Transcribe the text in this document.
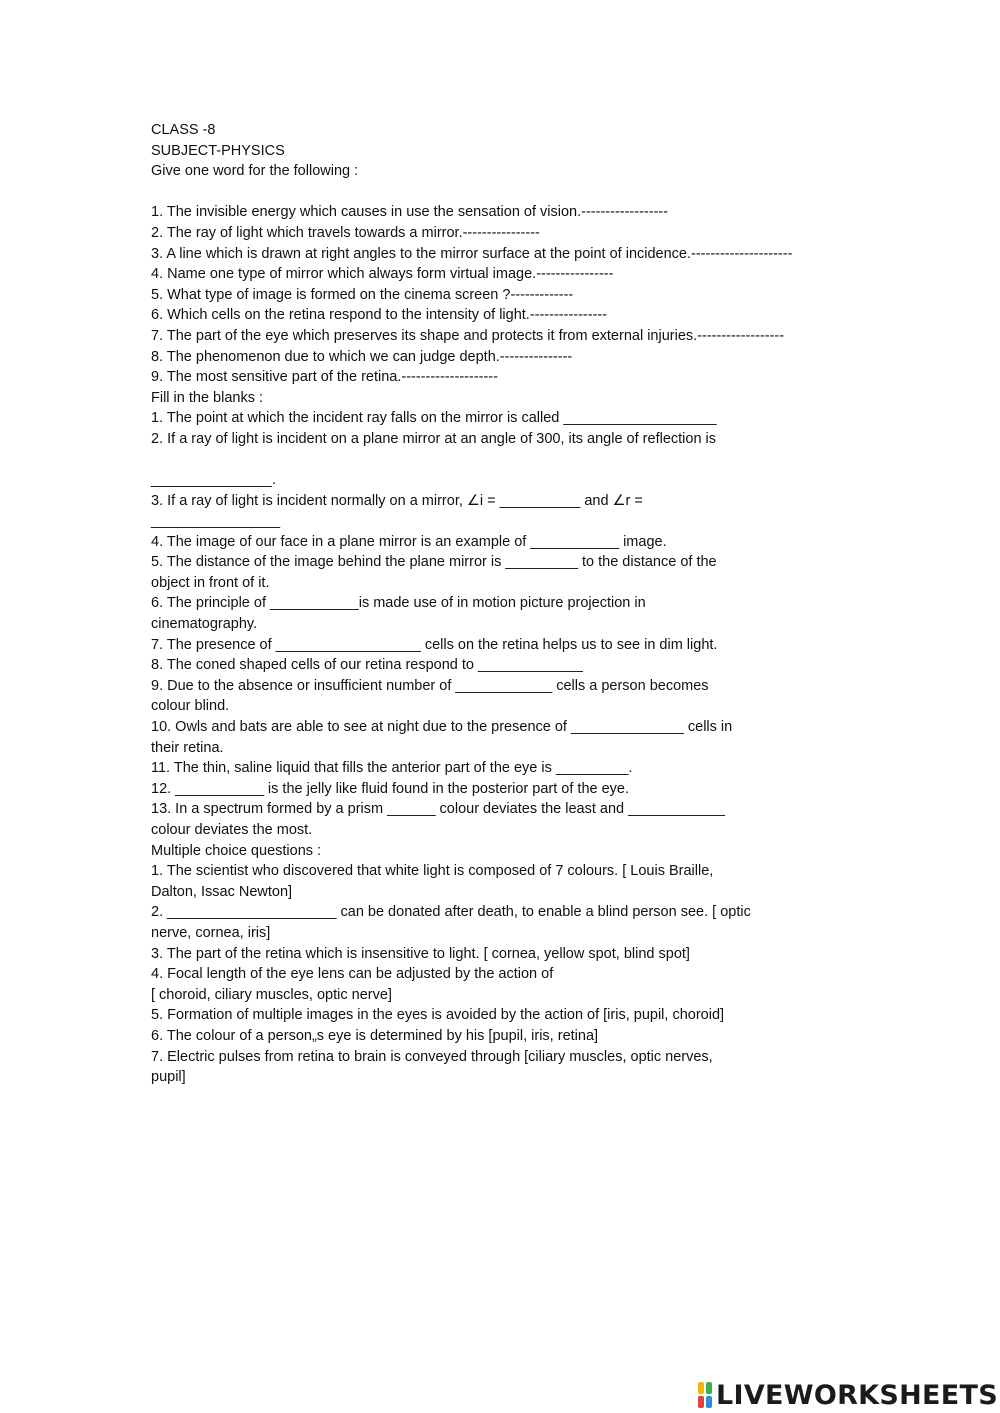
CLASS -8
SUBJECT-PHYSICS
Give one word for the following :
1. The invisible energy which causes in use the sensation of vision.------------------
2. The ray of light which travels towards a mirror.----------------
3. A line which is drawn at right angles to the mirror surface at the point of incidence.---------------------
4. Name one type of mirror which always form virtual image.----------------
5. What type of image is formed on the cinema screen ?-------------
6. Which cells on the retina respond to the intensity of light.----------------
7. The part of the eye which preserves its shape and protects it from external injuries.------------------
8. The phenomenon due to which we can judge depth.---------------
9. The most sensitive part of the retina.--------------------
Fill in the blanks :
1. The point at which the incident ray falls on the mirror is called ___________________
2. If a ray of light is incident on a plane mirror at an angle of 300, its angle of reflection is
_______________.
3. If a ray of light is incident normally on a mirror, ∠i = __________ and ∠r =
________________
4. The image of our face in a plane mirror is an example of ___________ image.
5. The distance of the image behind the plane mirror is _________ to the distance of the
object in front of it.
6. The principle of ___________is made use of in motion picture projection in
cinematography.
7. The presence of __________________ cells on the retina helps us to see in dim light.
8. The coned shaped cells of our retina respond to _____________
9. Due to the absence or insufficient number of ____________ cells a person becomes
colour blind.
10. Owls and bats are able to see at night due to the presence of ______________ cells in
their retina.
11. The thin, saline liquid that fills the anterior part of the eye is _________.
12. ___________ is the jelly like fluid found in the posterior part of the eye.
13. In a spectrum formed by a prism ______ colour deviates the least and ____________
colour deviates the most.
Multiple choice questions :
1. The scientist who discovered that white light is composed of 7 colours. [ Louis Braille,
Dalton, Issac Newton]
2. _____________________ can be donated after death, to enable a blind person see. [ optic
nerve, cornea, iris]
3. The part of the retina which is insensitive to light. [ cornea, yellow spot, blind spot]
4. Focal length of the eye lens can be adjusted by the action of
[ choroid, ciliary muscles, optic nerve]
5. Formation of multiple images in the eyes is avoided by the action of [iris, pupil, choroid]
6. The colour of a person„s eye is determined by his [pupil, iris, retina]
7. Electric pulses from retina to brain is conveyed through [ciliary muscles, optic nerves,
pupil]
LIVEWORKSHEETS
